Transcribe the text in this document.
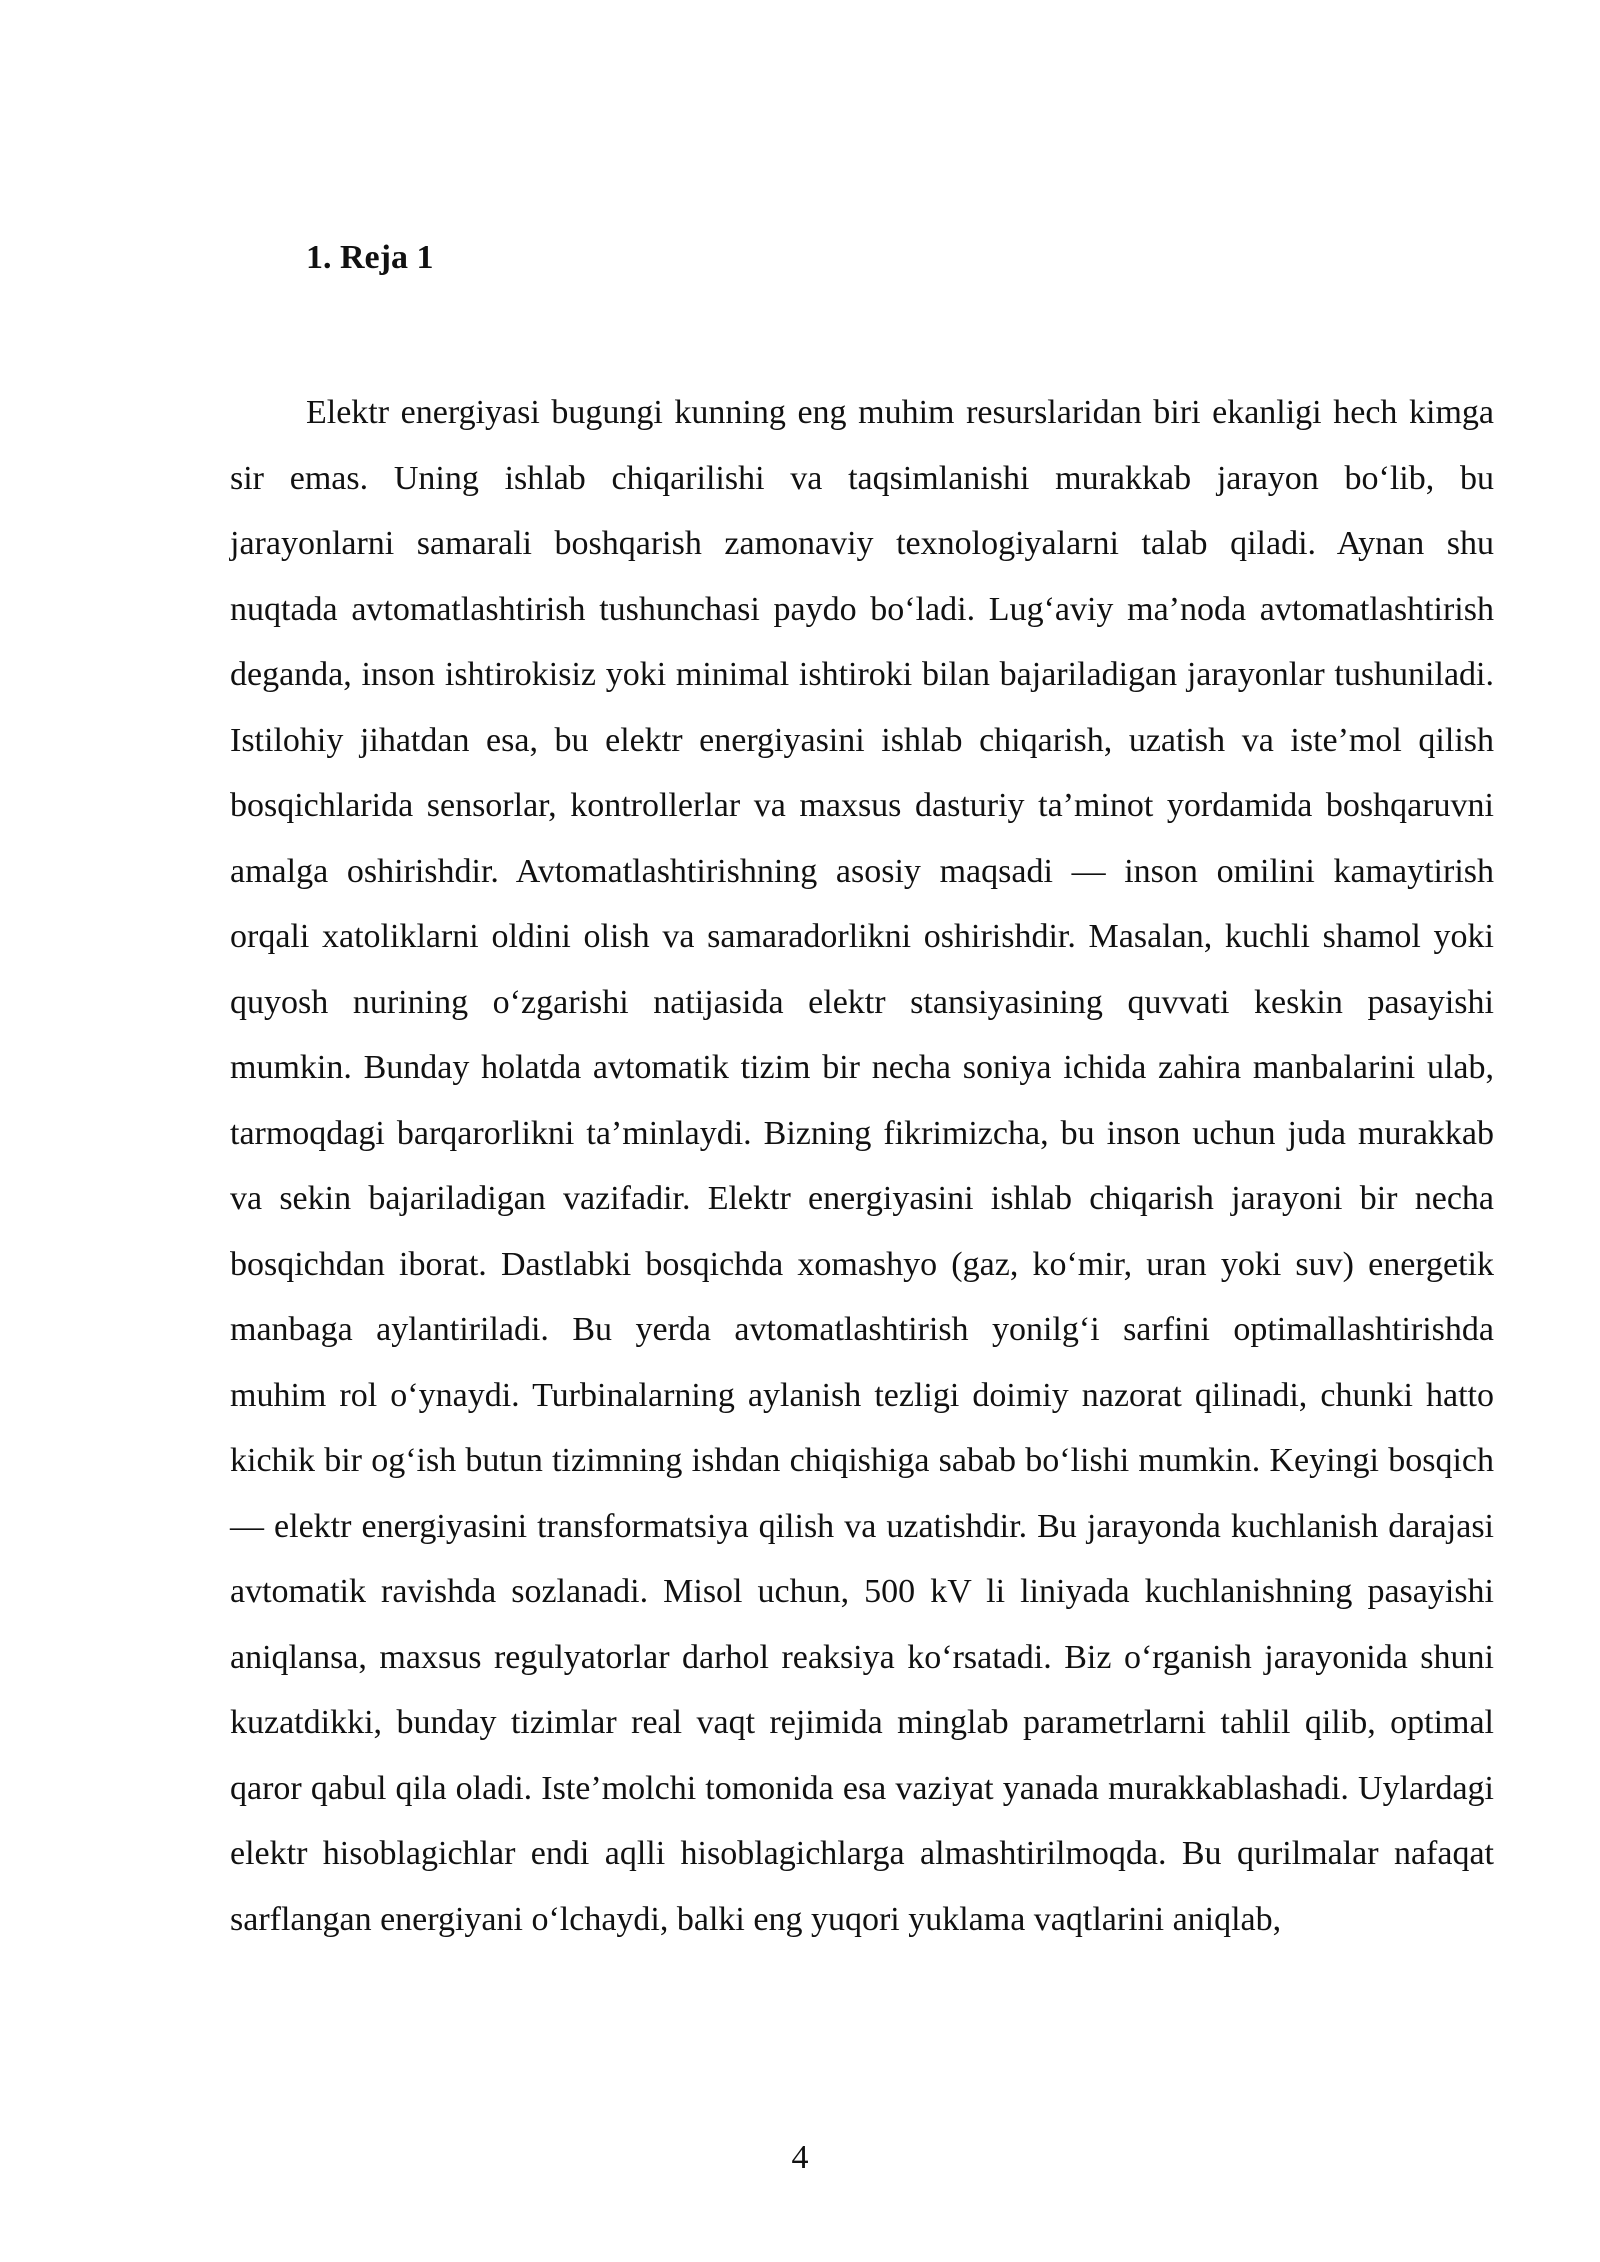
1. Reja 1

Elektr energiyasi bugungi kunning eng muhim resurslaridan biri ekanligi hech kimga sir emas. Uning ishlab chiqarilishi va taqsimlanishi murakkab jarayon bo‘lib, bu jarayonlarni samarali boshqarish zamonaviy texnologiyalarni talab qiladi. Aynan shu nuqtada avtomatlashtirish tushunchasi paydo bo‘ladi. Lug‘aviy ma’noda avtomatlashtirish deganda, inson ishtirokisiz yoki minimal ishtiroki bilan bajariladigan jarayonlar tushuniladi. Istilohiy jihatdan esa, bu elektr energiyasini ishlab chiqarish, uzatish va iste’mol qilish bosqichlarida sensorlar, kontrollerlar va maxsus dasturiy ta’minot yordamida boshqaruvni amalga oshirishdir. Avtomatlashtirishning asosiy maqsadi — inson omilini kamaytirish orqali xatoliklarni oldini olish va samaradorlikni oshirishdir. Masalan, kuchli shamol yoki quyosh nurining o‘zgarishi natijasida elektr stansiyasining quvvati keskin pasayishi mumkin. Bunday holatda avtomatik tizim bir necha soniya ichida zahira manbalarini ulab, tarmoqdagi barqarorlikni ta’minlaydi. Bizning fikrimizcha, bu inson uchun juda murakkab va sekin bajariladigan vazifadir. Elektr energiyasini ishlab chiqarish jarayoni bir necha bosqichdan iborat. Dastlabki bosqichda xomashyo (gaz, ko‘mir, uran yoki suv) energetik manbaga aylantiriladi. Bu yerda avtomatlashtirish yonilg‘i sarfini optimallashtirishda muhim rol o‘ynaydi. Turbinalarning aylanish tezligi doimiy nazorat qilinadi, chunki hatto kichik bir og‘ish butun tizimning ishdan chiqishiga sabab bo‘lishi mumkin. Keyingi bosqich — elektr energiyasini transformatsiya qilish va uzatishdir. Bu jarayonda kuchlanish darajasi avtomatik ravishda sozlanadi. Misol uchun, 500 kV li liniyada kuchlanishning pasayishi aniqlansa, maxsus regulyatorlar darhol reaksiya ko‘rsatadi. Biz o‘rganish jarayonida shuni kuzatdikki, bunday tizimlar real vaqt rejimida minglab parametrlarni tahlil qilib, optimal qaror qabul qila oladi. Iste’molchi tomonida esa vaziyat yanada murakkablashadi. Uylardagi elektr hisoblagichlar endi aqlli hisoblagichlarga almashtirilmoqda. Bu qurilmalar nafaqat sarflangan energiyani o‘lchaydi, balki eng yuqori yuklama vaqtlarini aniqlab,

4
